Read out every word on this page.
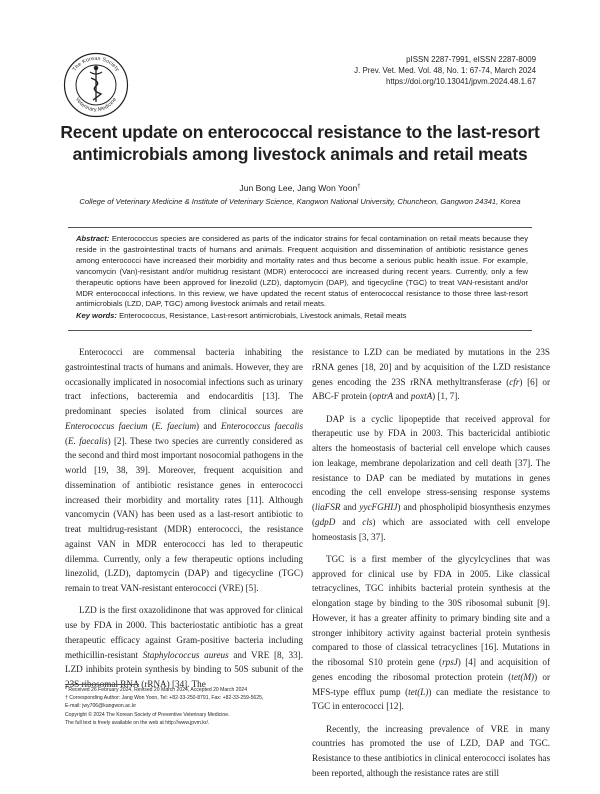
The Korean Society
Veterinary Medicine
pISSN 2287-7991, eISSN 2287-8009
J. Prev. Vet. Med. Vol. 48, No. 1: 67-74, March 2024
https://doi.org/10.13041/jpvm.2024.48.1.67
Recent update on enterococcal resistance to the last-resort
antimicrobials among livestock animals and retail meats
Jun Bong Lee, Jang Won Yoon†
College of Veterinary Medicine & Institute of Veterinary Science, Kangwon National University, Chuncheon, Gangwon 24341, Korea
Abstract: Enterococcus species are considered as parts of the indicator strains for fecal contamination on retail meats because they reside in the gastrointestinal tracts of humans and animals. Frequent acquisition and dissemination of antibiotic resistance genes among enterococci have increased their morbidity and mortality rates and thus become a serious public health issue. For example, vancomycin (Van)-resistant and/or multidrug resistant (MDR) enterococci are increased during recent years. Currently, only a few therapeutic options have been approved for linezolid (LZD), daptomycin (DAP), and tigecycline (TGC) to treat VAN-resistant and/or MDR enterococcal infections. In this review, we have updated the recent status of enterococcal resistance to those three last-resort antimicrobials (LZD, DAP, TGC) among livestock animals and retail meats.
Key words: Enterococcus, Resistance, Last-resort antimicrobials, Livestock animals, Retail meats

Enterococci are commensal bacteria inhabiting the gastrointestinal tracts of humans and animals. However, they are occasionally implicated in nosocomial infections such as urinary tract infections, bacteremia and endocarditis [13]. The predominant species isolated from clinical sources are Enterococcus faecium (E. faecium) and Enterococcus faecalis (E. faecalis) [2]. These two species are currently considered as the second and third most important nosocomial pathogens in the world [19, 38, 39]. Moreover, frequent acquisition and dissemination of antibiotic resistance genes in enterococci increased their morbidity and mortality rates [11]. Although vancomycin (VAN) has been used as a last-resort antibiotic to treat multidrug-resistant (MDR) enterococci, the resistance against VAN in MDR enterococci has led to therapeutic dilemma. Currently, only a few therapeutic options including linezolid, (LZD), daptomycin (DAP) and tigecycline (TGC) remain to treat VAN-resistant enterococci (VRE) [5].

LZD is the first oxazolidinone that was approved for clinical use by FDA in 2000. This bacteriostatic antibiotic has a great therapeutic efficacy against Gram-positive bacteria including methicillin-resistant Staphylococcus aureus and VRE [8, 33]. LZD inhibits protein synthesis by binding to 50S subunit of the 23S ribosomal RNA (rRNA) [34]. The

resistance to LZD can be mediated by mutations in the 23S rRNA genes [18, 20] and by acquisition of the LZD resistance genes encoding the 23S rRNA methyltransferase (cfr) [6] or ABC-F protein (optrA and poxtA) [1, 7].

DAP is a cyclic lipopeptide that received approval for therapeutic use by FDA in 2003. This bactericidal antibiotic alters the homeostasis of bacterial cell envelope which causes ion leakage, membrane depolarization and cell death [37]. The resistance to DAP can be mediated by mutations in genes encoding the cell envelope stress-sensing response systems (liaFSR and yycFGHIJ) and phospholipid biosynthesis enzymes (gdpD and cls) which are associated with cell envelope homeostasis [3, 37].

TGC is a first member of the glycylcyclines that was approved for clinical use by FDA in 2005. Like classical tetracyclines, TGC inhibits bacterial protein synthesis at the elongation stage by binding to the 30S ribosomal subunit [9]. However, it has a greater affinity to primary binding site and a stronger inhibitory activity against bacterial protein synthesis compared to those of classical tetracyclines [16]. Mutations in the ribosomal S10 protein gene (rpsJ) [4] and acquisition of genes encoding the ribosomal protection protein (tet(M)) or MFS-type efflux pump (tet(L)) can mediate the resistance to TGC in enterococci [12].

Recently, the increasing prevalence of VRE in many countries has promoted the use of LZD, DAP and TGC. Resistance to these antibiotics in clinical enterococci isolates has been reported, although the resistance rates are still

* Received 26 February 2024, Revised 20 March 2024, Accepted 20 March 2024
† Corresponding Author: Jang Won Yoon, Tel: +82-33-250-8791, Fax: +82-33-259-5625,
E-mail: jwy706@kangwon.ac.kr
Copyright © 2024 The Korean Society of Preventive Veterinary Medicine.
The full text is freely available on the web at http://www.jpvm.kr/.
